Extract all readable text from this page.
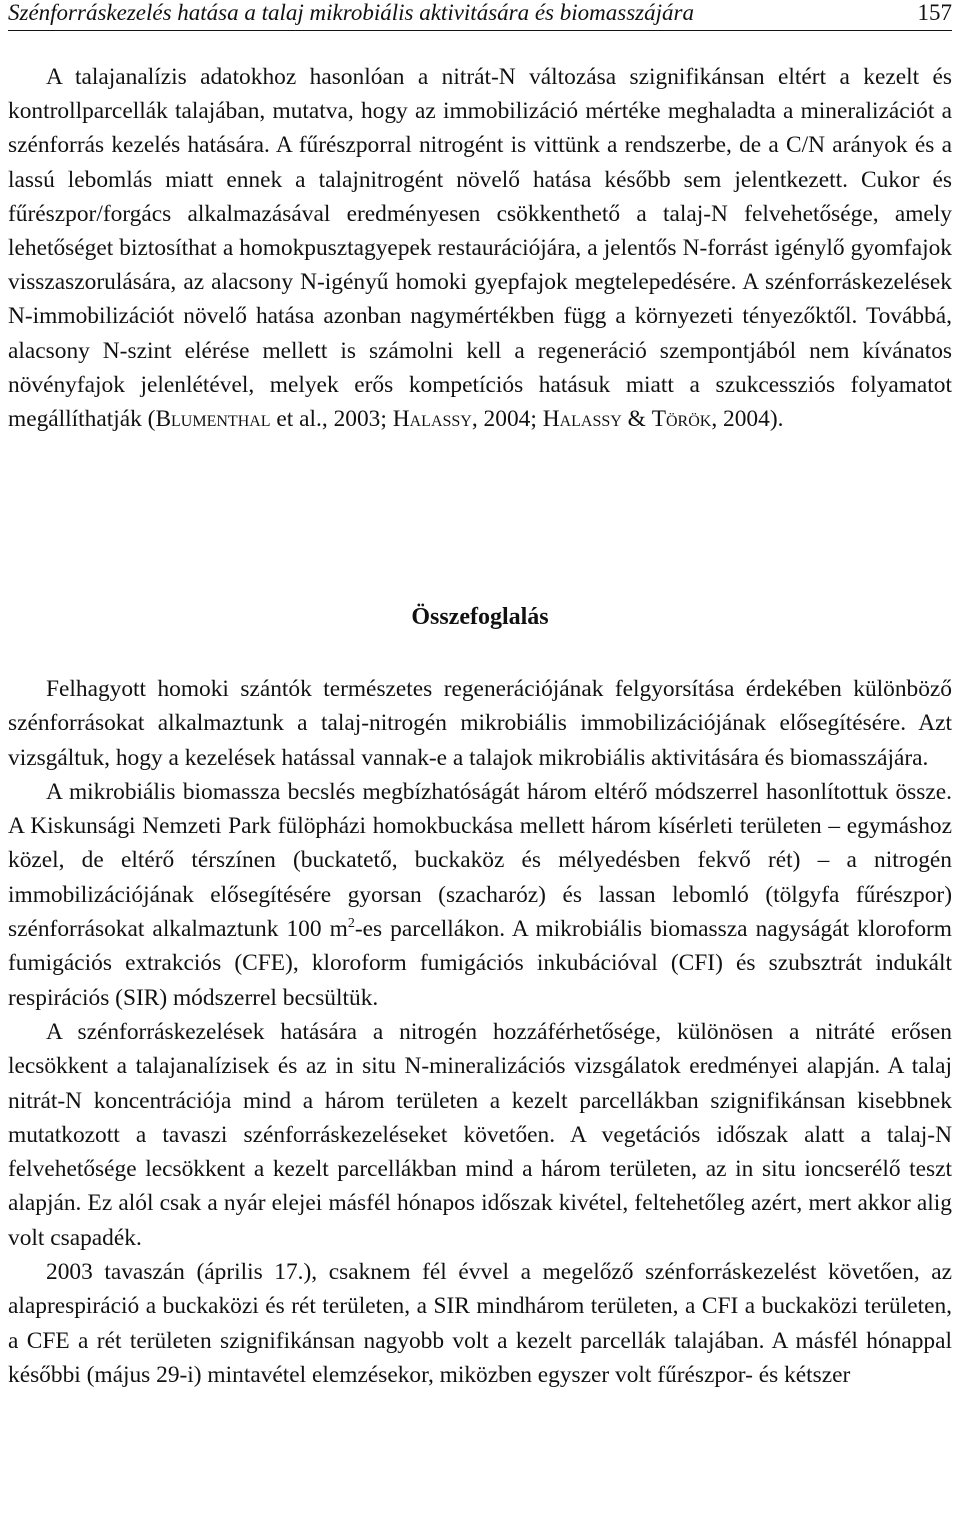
Szénforráskezelés hatása a talaj mikrobiális aktivitására és biomasszájára	157
A talajanalízis adatokhoz hasonlóan a nitrát-N változása szignifikánsan eltért a kezelt és kontrollparcellák talajában, mutatva, hogy az immobilizáció mértéke meghaladta a mineralizációt a szénforrás kezelés hatására. A fűrészporral nitrogént is vittünk a rendszerbe, de a C/N arányok és a lassú lebomlás miatt ennek a talajnitrogént növelő hatása később sem jelentkezett. Cukor és fűrészpor/forgács alkalmazásával eredményesen csökkenthető a talaj-N felvehetősége, amely lehetőséget biztosíthat a homokpusztagyepek restaurációjára, a jelentős N-forrást igénylő gyomfajok visszaszorulására, az alacsony N-igényű homoki gyepfajok megtelepedésére. A szénforráskezelések N-immobilizációt növelő hatása azonban nagymértékben függ a környezeti tényezőktől. Továbbá, alacsony N-szint elérése mellett is számolni kell a regeneráció szempontjából nem kívánatos növényfajok jelenlétével, melyek erős kompetíciós hatásuk miatt a szukcessziós folyamatot megállíthatják (Blumenthal et al., 2003; Halassy, 2004; Halassy & Török, 2004).
Összefoglalás
Felhagyott homoki szántók természetes regenerációjának felgyorsítása érdekében különböző szénforrásokat alkalmaztunk a talaj-nitrogén mikrobiális immobilizációjának elősegítésére. Azt vizsgáltuk, hogy a kezelések hatással vannak-e a talajok mikrobiális aktivitására és biomasszájára.
A mikrobiális biomassza becslés megbízhatóságát három eltérő módszerrel hasonlítottuk össze. A Kiskunsági Nemzeti Park fülöpházi homokbuckása mellett három kísérleti területen – egymáshoz közel, de eltérő térszínen (buckatető, buckaköz és mélyedésben fekvő rét) – a nitrogén immobilizációjának elősegítésére gyorsan (szacharóz) és lassan lebomló (tölgyfa fűrészpor) szénforrásokat alkalmaztunk 100 $m^2-es$ parcellákon. A mikrobiális biomassza nagyságát kloroform fumigációs extrakciós (CFE), kloroform fumigációs inkubációval (CFI) és szubsztrát indukált respirációs (SIR) módszerrel becsültük.
A szénforráskezelések hatására a nitrogén hozzáférhetősége, különösen a nitráté erősen lecsökkent a talajanalízisek és az in situ N-mineralizációs vizsgálatok eredményei alapján. A talaj nitrát-N koncentrációja mind a három területen a kezelt parcellákban szignifikánsan kisebbnek mutatkozott a tavaszi szénforráskezeléseket követően. A vegetációs időszak alatt a talaj-N felvehetősége lecsökkent a kezelt parcellákban mind a három területen, az in situ ioncserélő teszt alapján. Ez alól csak a nyár elejei másfél hónapos időszak kivétel, feltehetőleg azért, mert akkor alig volt csapadék.
2003 tavaszán (április 17.), csaknem fél évvel a megelőző szénforráskezelést követően, az alaprespiráció a buckaközi és rét területen, a SIR mindhárom területen, a CFI a buckaközi területen, a CFE a rét területen szignifikánsan nagyobb volt a kezelt parcellák talajában. A másfél hónappal későbbi (május 29-i) mintavétel elemzésekor, miközben egyszer volt fűrészpor- és kétszer
